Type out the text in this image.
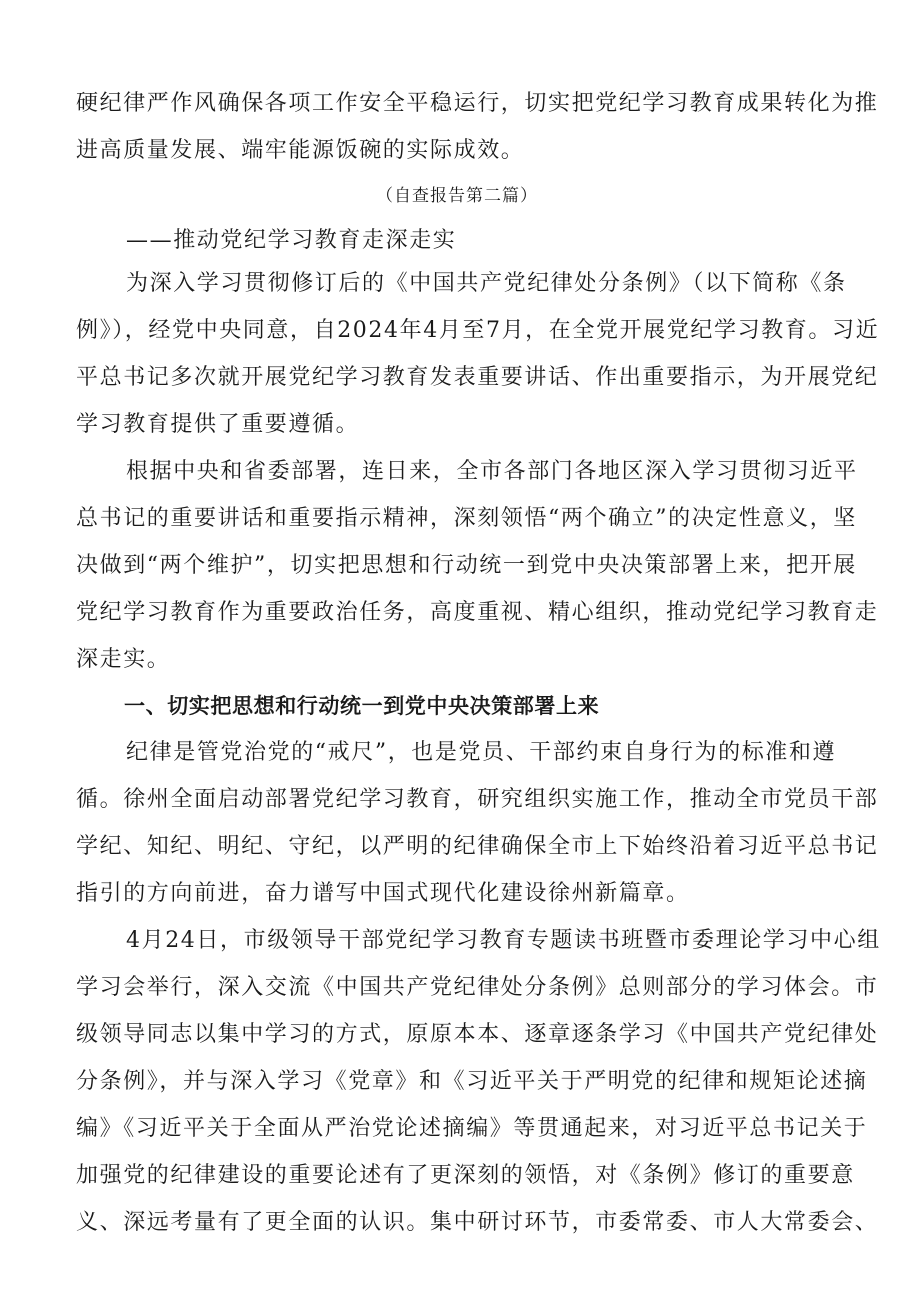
硬纪律严作风确保各项工作安全平稳运行，切实把党纪学习教育成果转化为推
进高质量发展、端牢能源饭碗的实际成效。
（自查报告第二篇）
——推动党纪学习教育走深走实
为深入学习贯彻修订后的《中国共产党纪律处分条例》（以下简称《条
例》），经党中央同意，自2024年4月至7月，在全党开展党纪学习教育。习近
平总书记多次就开展党纪学习教育发表重要讲话、作出重要指示，为开展党纪
学习教育提供了重要遵循。
根据中央和省委部署，连日来，全市各部门各地区深入学习贯彻习近平
总书记的重要讲话和重要指示精神，深刻领悟“两个确立”的决定性意义，坚
决做到“两个维护”，切实把思想和行动统一到党中央决策部署上来，把开展
党纪学习教育作为重要政治任务，高度重视、精心组织，推动党纪学习教育走
深走实。
一、切实把思想和行动统一到党中央决策部署上来
纪律是管党治党的“戒尺”，也是党员、干部约束自身行为的标准和遵
循。徐州全面启动部署党纪学习教育，研究组织实施工作，推动全市党员干部
学纪、知纪、明纪、守纪，以严明的纪律确保全市上下始终沿着习近平总书记
指引的方向前进，奋力谱写中国式现代化建设徐州新篇章。
4月24日，市级领导干部党纪学习教育专题读书班暨市委理论学习中心组
学习会举行，深入交流《中国共产党纪律处分条例》总则部分的学习体会。市
级领导同志以集中学习的方式，原原本本、逐章逐条学习《中国共产党纪律处
分条例》，并与深入学习《党章》和《习近平关于严明党的纪律和规矩论述摘
编》《习近平关于全面从严治党论述摘编》等贯通起来，对习近平总书记关于
加强党的纪律建设的重要论述有了更深刻的领悟，对《条例》修订的重要意
义、深远考量有了更全面的认识。集中研讨环节，市委常委、市人大常委会、
